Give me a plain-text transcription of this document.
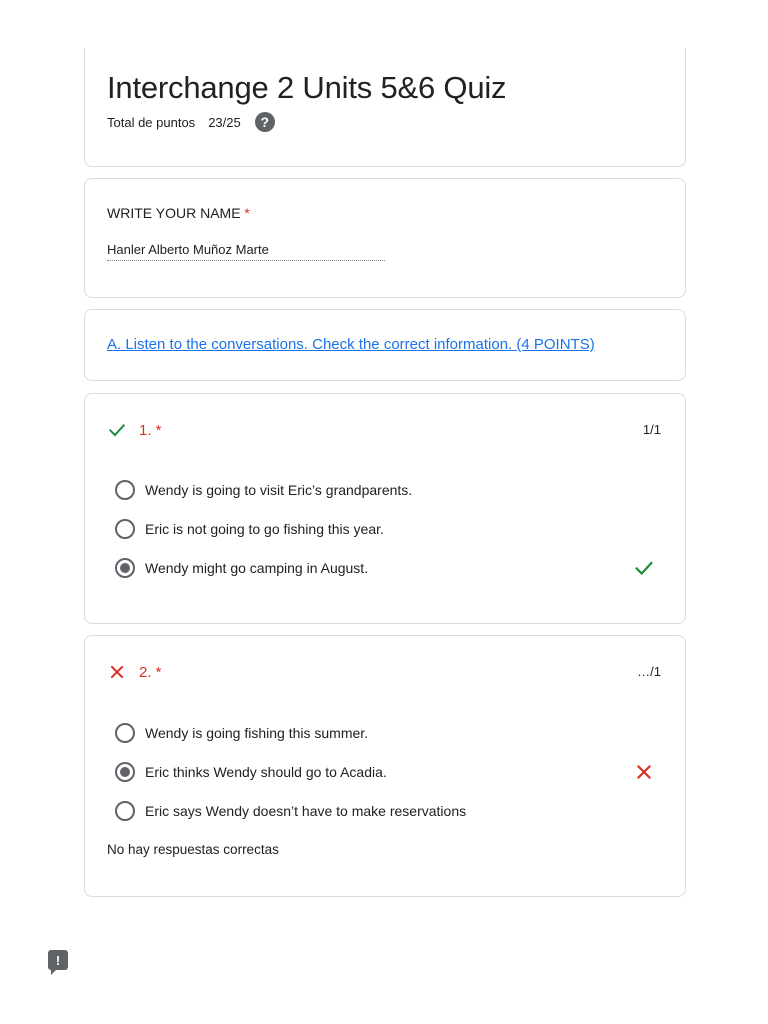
Interchange 2 Units 5&6 Quiz
Total de puntos 23/25	?
WRITE YOUR NAME *
Hanler Alberto Muñoz Marte
A. Listen to the conversations. Check the correct information. (4 POINTS)
1. *	1/1
Wendy is going to visit Eric’s grandparents.
Eric is not going to go fishing this year.
Wendy might go camping in August.
2. *	…/1
Wendy is going fishing this summer.
Eric thinks Wendy should go to Acadia.
Eric says Wendy doesn’t have to make reservations
No hay respuestas correctas
!
